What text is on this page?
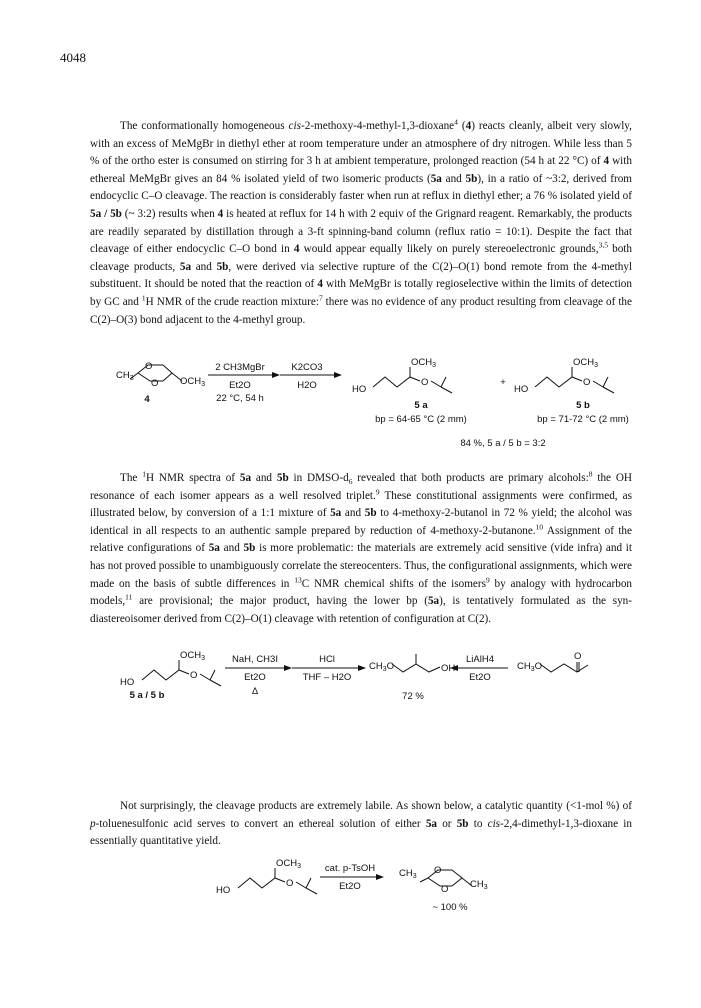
4048

The conformationally homogeneous cis-2-methoxy-4-methyl-1,3-dioxane$^4$ (4) reacts cleanly, albeit very slowly, with an excess of MeMgBr in diethyl ether at room temperature under an atmosphere of dry nitrogen. While less than 5 % of the ortho ester is consumed on stirring for 3 h at ambient temperature, prolonged reaction (54 h at 22 °C) of 4 with ethereal MeMgBr gives an 84 % isolated yield of two isomeric products (5a and 5b), in a ratio of ~3:2, derived from endocyclic C–O cleavage. The reaction is considerably faster when run at reflux in diethyl ether; a 76 % isolated yield of 5a / 5b (~ 3:2) results when 4 is heated at reflux for 14 h with 2 equiv of the Grignard reagent. Remarkably, the products are readily separated by distillation through a 3-ft spinning-band column (reflux ratio = 10:1). Despite the fact that cleavage of either endocyclic C–O bond in 4 would appear equally likely on purely stereoelectronic grounds,$^{3,5}$ both cleavage products, 5a and 5b, were derived via selective rupture of the C(2)–O(1) bond remote from the 4-methyl substituent. It should be noted that the reaction of 4 with MeMgBr is totally regioselective within the limits of detection by GC and $^1$H NMR of the crude reaction mixture:$^7$ there was no evidence of any product resulting from cleavage of the C(2)–O(3) bond adjacent to the 4-methyl group.

$CH_3$
O
O $OCH_3$	HO
O
$OCH_3$
HO
O
$OCH_3$
4
2 CH3MgBr
Et2O
22 °C, 54 h
K2CO3
H2O	+
5 a
bp = 64-65 °C (2 mm)
5 b
bp = 71-72 °C (2 mm)
84 %, 5 a / 5 b = 3:2

The $^1$H NMR spectra of 5a and 5b in DMSO-$d_6$ revealed that both products are primary alcohols:$^8$ the OH resonance of each isomer appears as a well resolved triplet.$^9$ These constitutional assignments were confirmed, as illustrated below, by conversion of a 1:1 mixture of 5a and 5b to 4-methoxy-2-butanol in 72 % yield; the alcohol was identical in all respects to an authentic sample prepared by reduction of 4-methoxy-2-butanone.$^{10}$ Assignment of the relative configurations of 5a and 5b is more problematic: the materials are extremely acid sensitive (vide infra) and it has not proved possible to unambiguously correlate the stereocenters. Thus, the configurational assignments, which were made on the basis of subtle differences in $^{13}$C NMR chemical shifts of the isomers$^9$ by analogy with hydrocarbon models,$^{11}$ are provisional; the major product, having the lower bp (5a), is tentatively formulated as the syn-diastereoisomer derived from C(2)–O(1) cleavage with retention of configuration at C(2).

HO
O
$OCH_3$
$CH_3O$	OH	$CH_3O$
O
5 a / 5 b
NaH, CH3I
Et2O
Δ
HCl
THF – H2O
72 %
LiAlH4
Et2O

Not surprisingly, the cleavage products are extremely labile. As shown below, a catalytic quantity (<1-mol %) of p-toluenesulfonic acid serves to convert an ethereal solution of either 5a or 5b to cis-2,4-dimethyl-1,3-dioxane in essentially quantitative yield.

HO
O
$OCH_3$
$CH_3$
O
O $CH_3$
cat. p-TsOH
Et2O
~ 100 %
